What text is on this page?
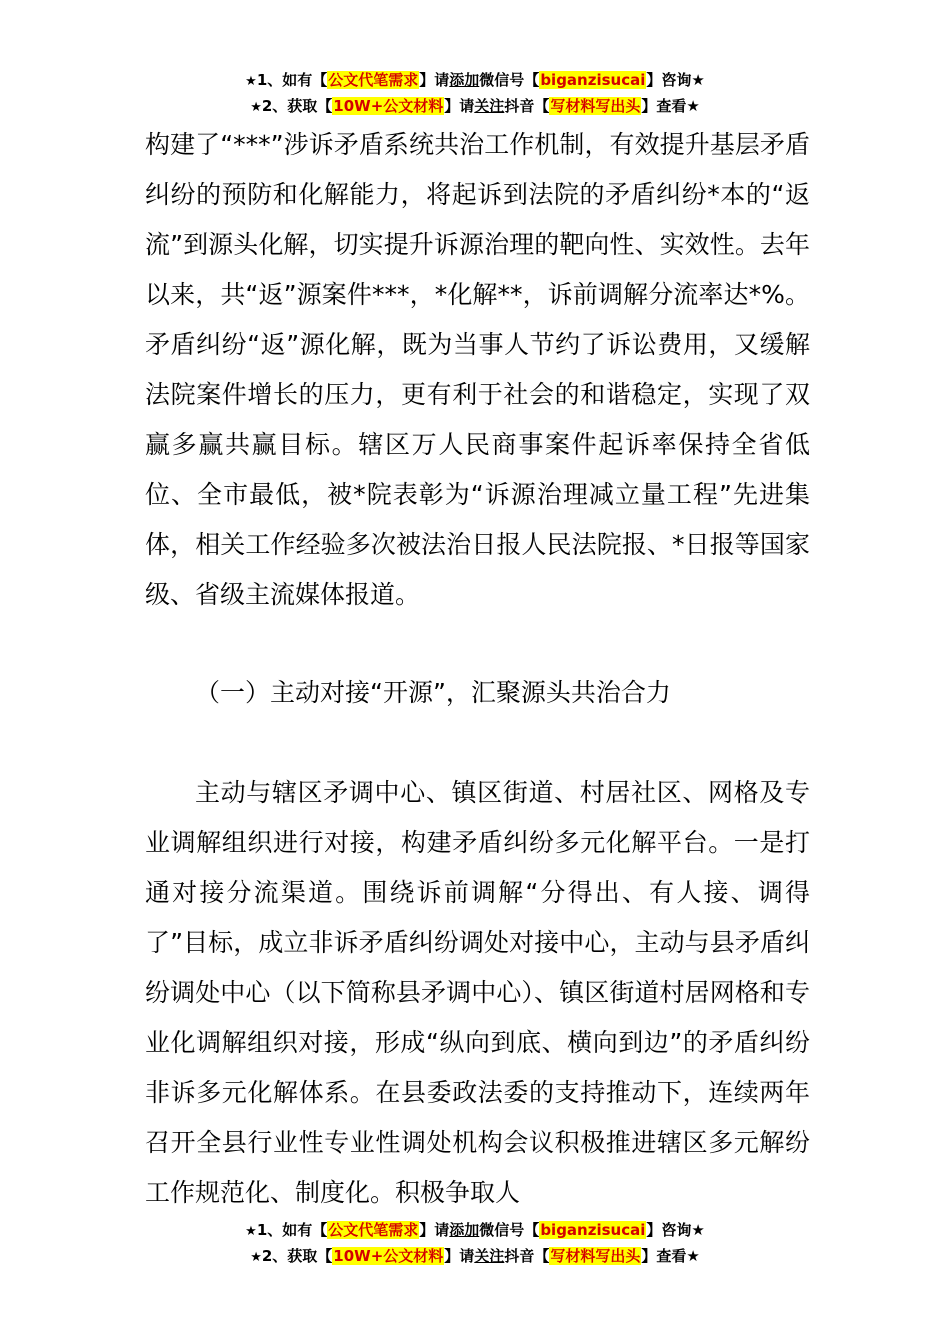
★1、如有【公文代笔需求】请添加微信号【biganzisucai】咨询★
★2、获取【10W+公文材料】请关注抖音【写材料写出头】查看★

构建了“***”涉诉矛盾系统共治工作机制，有效提升基层矛盾纠纷的预防和化解能力，将起诉到法院的矛盾纠纷*本的“返流”到源头化解，切实提升诉源治理的靶向性、实效性。去年以来，共“返”源案件***，*化解**，诉前调解分流率达*%。矛盾纠纷“返”源化解，既为当事人节约了诉讼费用，又缓解法院案件增长的压力，更有利于社会的和谐稳定，实现了双赢多赢共赢目标。辖区万人民商事案件起诉率保持全省低位、全市最低，被*院表彰为“诉源治理减立量工程”先进集体，相关工作经验多次被法治日报人民法院报、*日报等国家级、省级主流媒体报道。

（一）主动对接“开源”，汇聚源头共治合力

主动与辖区矛调中心、镇区街道、村居社区、网格及专业调解组织进行对接，构建矛盾纠纷多元化解平台。一是打通对接分流渠道。围绕诉前调解“分得出、有人接、调得了”目标，成立非诉矛盾纠纷调处对接中心，主动与县矛盾纠纷调处中心（以下简称县矛调中心）、镇区街道村居网格和专业化调解组织对接，形成“纵向到底、横向到边”的矛盾纠纷非诉多元化解体系。在县委政法委的支持推动下，连续两年召开全县行业性专业性调处机构会议积极推进辖区多元解纷工作规范化、制度化。积极争取人

★1、如有【公文代笔需求】请添加微信号【biganzisucai】咨询★
★2、获取【10W+公文材料】请关注抖音【写材料写出头】查看★
